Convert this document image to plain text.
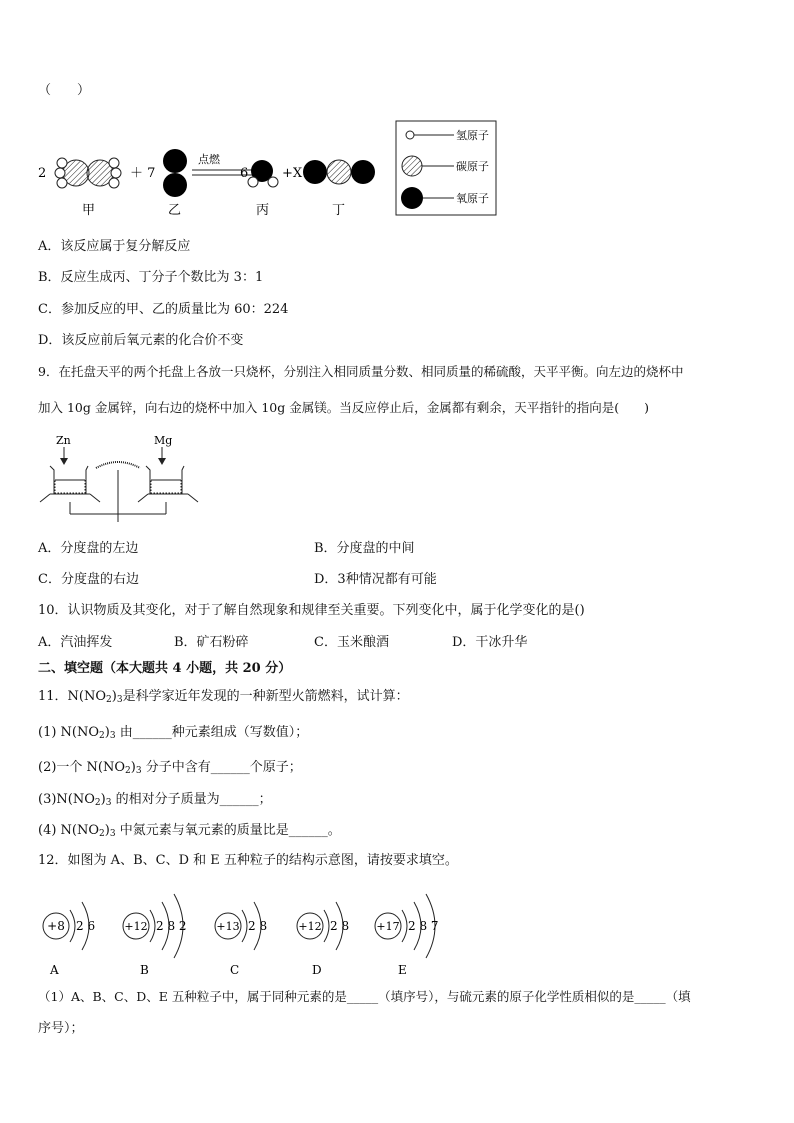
（　　）
2	＋ 7
点燃
6	+X
甲	乙	丙	丁
氢原子
碳原子
氧原子
A．该反应属于复分解反应
B．反应生成丙、丁分子个数比为 3：1
C．参加反应的甲、乙的质量比为 60：224
D．该反应前后氧元素的化合价不变
9．在托盘天平的两个托盘上各放一只烧杯，分别注入相同质量分数、相同质量的稀硫酸，天平平衡。向左边的烧杯中
加入 10g 金属锌，向右边的烧杯中加入 10g 金属镁。当反应停止后，金属都有剩余，天平指针的指向是(　　)
Zn	Mg
A．分度盘的左边	B．分度盘的中间
C．分度盘的右边	D．3种情况都有可能
10．认识物质及其变化，对于了解自然现象和规律至关重要。下列变化中，属于化学变化的是()
A．汽油挥发	B．矿石粉碎	C．玉米酿酒	D．干冰升华
二、填空题（本大题共 4 小题，共 20 分）
11．$N(NO_2)_3$是科学家近年发现的一种新型火箭燃料，试计算：
(1) $N(NO_2)_3$ 由______种元素组成（写数值）；
(2)一个 $N(NO_2)_3$ 分子中含有______个原子；
$(3)N(NO_2)_3$ 的相对分子质量为______；
(4) $N(NO_2)_3$ 中氮元素与氧元素的质量比是______。
12．如图为 A、B、C、D 和 E 五种粒子的结构示意图，请按要求填空。
+8 2 6
A
+12 2 8 2
B
+13 2 8
C
+12 2 8
D
+17 2 8 7
E
（1）A、B、C、D、E 五种粒子中，属于同种元素的是_____（填序号），与硫元素的原子化学性质相似的是_____（填
序号）；
